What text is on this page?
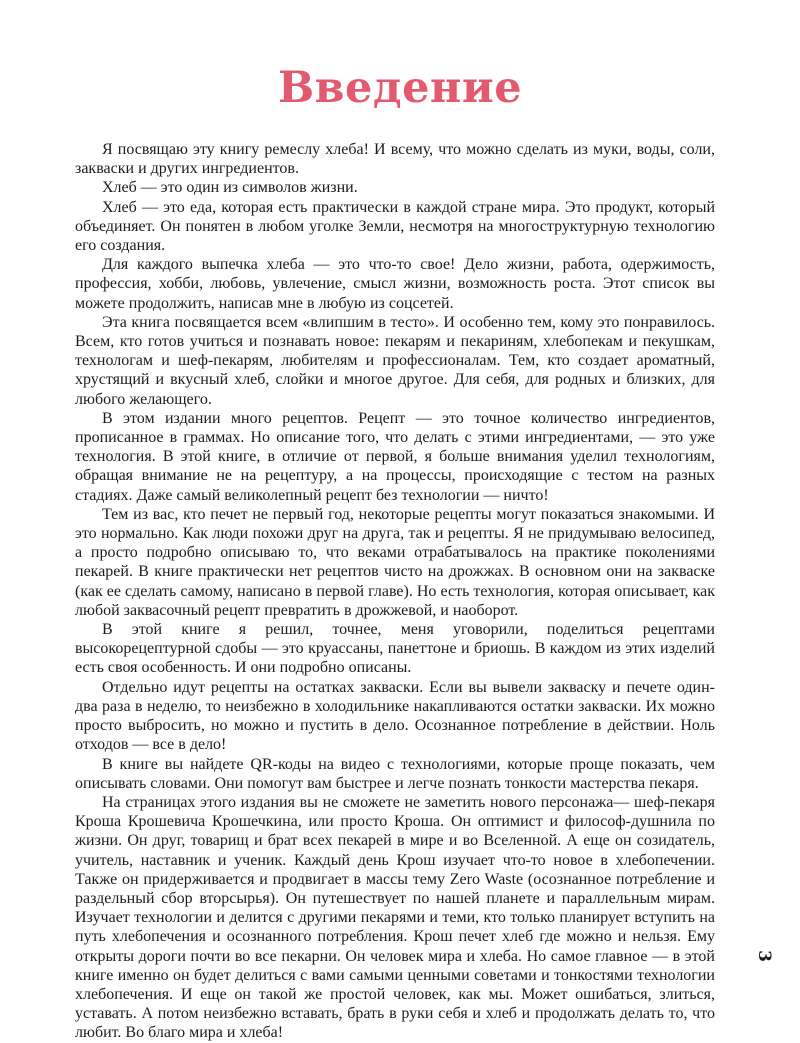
Введение

Я посвящаю эту книгу ремеслу хлеба! И всему, что можно сделать из муки, воды, соли, закваски и других ингредиентов.

Хлеб — это один из символов жизни.

Хлеб — это еда, которая есть практически в каждой стране мира. Это продукт, который объединяет. Он понятен в любом уголке Земли, несмотря на многоструктурную технологию его создания.

Для каждого выпечка хлеба — это что-то свое! Дело жизни, работа, одержимость, профессия, хобби, любовь, увлечение, смысл жизни, возможность роста. Этот список вы можете продолжить, написав мне в любую из соцсетей.

Эта книга посвящается всем «влипшим в тесто». И особенно тем, кому это понравилось. Всем, кто готов учиться и познавать новое: пекарям и пекариням, хлебопекам и пекушкам, технологам и шеф-пекарям, любителям и профессионалам. Тем, кто создает ароматный, хрустящий и вкусный хлеб, слойки и многое другое. Для себя, для родных и близких, для любого желающего.

В этом издании много рецептов. Рецепт — это точное количество ингредиентов, прописанное в граммах. Но описание того, что делать с этими ингредиентами, — это уже технология. В этой книге, в отличие от первой, я больше внимания уделил технологиям, обращая внимание не на рецептуру, а на процессы, происходящие с тестом на разных стадиях. Даже самый великолепный рецепт без технологии — ничто!

Тем из вас, кто печет не первый год, некоторые рецепты могут показаться знакомыми. И это нормально. Как люди похожи друг на друга, так и рецепты. Я не придумываю велосипед, а просто подробно описываю то, что веками отрабатывалось на практике поколениями пекарей. В книге практически нет рецептов чисто на дрожжах. В основном они на закваске (как ее сделать самому, написано в первой главе). Но есть технология, которая описывает, как любой заквасочный рецепт превратить в дрожжевой, и наоборот.

В этой книге я решил, точнее, меня уговорили, поделиться рецептами высокорецептурной сдобы — это круассаны, панеттоне и бриошь. В каждом из этих изделий есть своя особенность. И они подробно описаны.

Отдельно идут рецепты на остатках закваски. Если вы вывели закваску и печете один-два раза в неделю, то неизбежно в холодильнике накапливаются остатки закваски. Их можно просто выбросить, но можно и пустить в дело. Осознанное потребление в действии. Ноль отходов — все в дело!

В книге вы найдете QR-коды на видео с технологиями, которые проще показать, чем описывать словами. Они помогут вам быстрее и легче познать тонкости мастерства пекаря.

На страницах этого издания вы не сможете не заметить нового персонажа— шеф-пекаря Кроша Крошевича Крошечкина, или просто Кроша. Он оптимист и философ-душнила по жизни. Он друг, товарищ и брат всех пекарей в мире и во Вселенной. А еще он созидатель, учитель, наставник и ученик. Каждый день Крош изучает что-то новое в хлебопечении. Также он придерживается и продвигает в массы тему Zero Waste (осознанное потребление и раздельный сбор вторсырья). Он путешествует по нашей планете и параллельным мирам. Изучает технологии и делится с другими пекарями и теми, кто только планирует вступить на путь хлебопечения и осознанного потребления. Крош печет хлеб где можно и нельзя. Ему открыты дороги почти во все пекарни. Он человек мира и хлеба. Но самое главное — в этой книге именно он будет делиться с вами самыми ценными советами и тонкостями технологии хлебопечения. И еще он такой же простой человек, как мы. Может ошибаться, злиться, уставать. А потом неизбежно вставать, брать в руки себя и хлеб и продолжать делать то, что любит. Во благо мира и хлеба!

3
